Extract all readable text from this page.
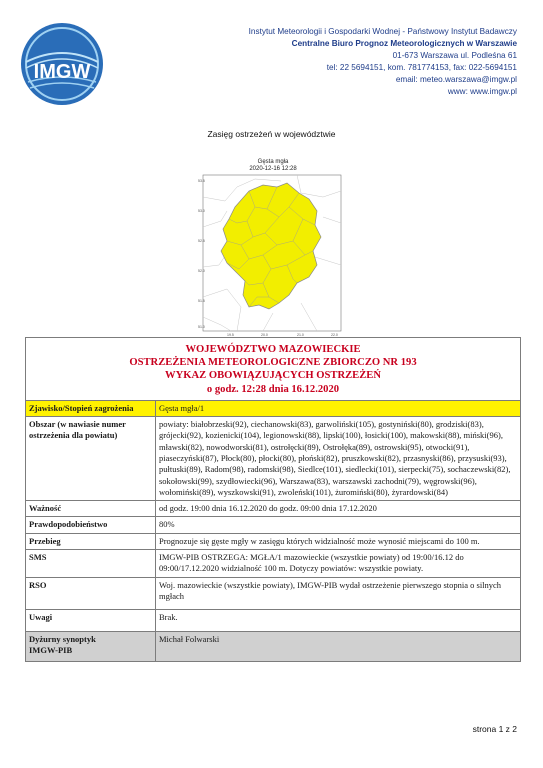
IMGW
Instytut Meteorologii i Gospodarki Wodnej - Państwowy Instytut Badawczy
Centralne Biuro Prognoz Meteorologicznych w Warszawie
01-673 Warszawa ul. Podleśna 61
tel: 22 5694151, kom. 781774153, fax: 022-5694151
email: meteo.warszawa@imgw.pl
www: www.imgw.pl
Zasięg ostrzeżeń w województwie
Gęsta mgła
2020-12-16 12:28
53.5
53.0
52.5
52.0
51.5
51.0
19.5	20.0	21.0	22.0
WOJEWÓDZTWO MAZOWIECKIE
OSTRZEŻENIA METEOROLOGICZNE ZBIORCZO NR 193
WYKAZ OBOWIĄZUJĄCYCH OSTRZEŻEŃ
o godz. 12:28 dnia 16.12.2020
Zjawisko/Stopień zagrożenia	Gęsta mgła/1
Obszar (w nawiasie numer ostrzeżenia dla powiatu)	powiaty: białobrzeski(92), ciechanowski(83), garwoliński(105), gostyniński(80), grodziski(83), grójecki(92), kozienicki(104), legionowski(88), lipski(100), łosicki(100), makowski(88), miński(96), mławski(82), nowodworski(81), ostrołęcki(89), Ostrołęka(89), ostrowski(95), otwocki(91), piaseczyński(87), Płock(80), płocki(80), płoński(82), pruszkowski(82), przasnyski(86), przysuski(93), pułtuski(89), Radom(98), radomski(98), Siedlce(101), siedlecki(101), sierpecki(75), sochaczewski(82), sokołowski(99), szydłowiecki(96), Warszawa(83), warszawski zachodni(79), węgrowski(96), wołomiński(89), wyszkowski(91), zwoleński(101), żuromiński(80), żyrardowski(84)
Ważność	od godz. 19:00 dnia 16.12.2020 do godz. 09:00 dnia 17.12.2020
Prawdopodobieństwo	80%
Przebieg	Prognozuje się gęste mgły w zasięgu których widzialność może wynosić miejscami do 100 m.
SMS	IMGW-PIB OSTRZEGA: MGŁA/1 mazowieckie (wszystkie powiaty) od 19:00/16.12 do 09:00/17.12.2020 widzialność 100 m. Dotyczy powiatów: wszystkie powiaty.
RSO	Woj. mazowieckie (wszystkie powiaty), IMGW-PIB wydał ostrzeżenie pierwszego stopnia o silnych mgłach
Uwagi	Brak.

Dyżurny synoptyk
IMGW-PIB	Michał Folwarski
strona 1 z 2
